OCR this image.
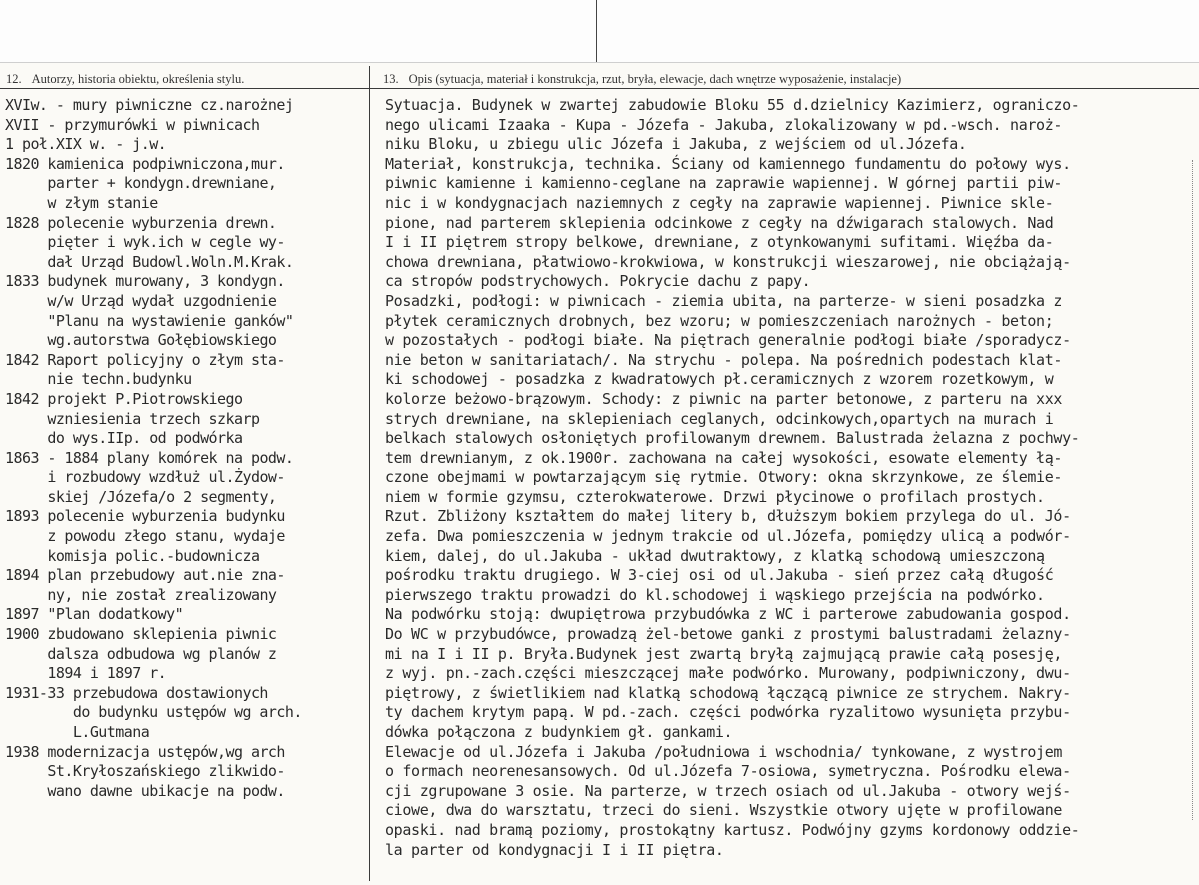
12. Autorzy, historia obiektu, określenia stylu.	13. Opis (sytuacja, materiał i konstrukcja, rzut, bryła, elewacje, dach wnętrze wyposażenie, instalacje)
XVIw.
- mury piwniczne cz.narożnej
XVII
- przymurówki w piwnicach
1 poł.XIX w.
- j.w.
1820
kamienica podpiwniczona,mur.
parter + kondygn.drewniane,
w złym stanie
1828
polecenie wyburzenia drewn.
pięter i wyk.ich w cegle wy-
dał Urząd Budowl.Woln.M.Krak.
1833
budynek murowany, 3 kondygn.
w/w Urząd wydał uzgodnienie
"Planu na wystawienie ganków"
wg.autorstwa Gołębiowskiego
1842
Raport policyjny o złym sta-
nie techn.budynku
1842
projekt P.Piotrowskiego
wzniesienia trzech szkarp
do wys.IIp. od podwórka
1863
- 1884 plany komórek na podw.
i rozbudowy wzdłuż ul.Żydow-
skiej /Józefa/o 2 segmenty,
1893
polecenie wyburzenia budynku
z powodu złego stanu, wydaje
komisja polic.-budownicza
1894
plan przebudowy aut.nie zna-
ny, nie został zrealizowany
1897
"Plan dodatkowy"
1900
zbudowano sklepienia piwnic
dalsza odbudowa wg planów z
1894 i 1897 r.
1931-33
przebudowa dostawionych
do budynku ustępów wg arch.
L.Gutmana
1938
modernizacja ustępów,wg arch
St.Kryłoszańskiego zlikwido-
wano dawne ubikacje na podw.
Sytuacja. Budynek w zwartej zabudowie Bloku 55 d.dzielnicy Kazimierz, ograniczo-
nego ulicami Izaaka - Kupa - Józefa - Jakuba, zlokalizowany w pd.-wsch. naroż-
niku Bloku, u zbiegu ulic Józefa i Jakuba, z wejściem od ul.Józefa.
Materiał, konstrukcja, technika. Ściany od kamiennego fundamentu do połowy wys.
piwnic kamienne i kamienno-ceglane na zaprawie wapiennej. W górnej partii piw-
nic i w kondygnacjach naziemnych z cegły na zaprawie wapiennej. Piwnice skle-
pione, nad parterem sklepienia odcinkowe z cegły na dźwigarach stalowych. Nad
I i II piętrem stropy belkowe, drewniane, z otynkowanymi sufitami. Więźba da-
chowa drewniana, płatwiowo-krokwiowa, w konstrukcji wieszarowej, nie obciążają-
ca stropów podstrychowych. Pokrycie dachu z papy.
Posadzki, podłogi: w piwnicach - ziemia ubita, na parterze- w sieni posadzka z
płytek ceramicznych drobnych, bez wzoru; w pomieszczeniach narożnych - beton;
w pozostałych - podłogi białe. Na piętrach generalnie podłogi białe /sporadycz-
nie beton w sanitariatach/. Na strychu - polepa. Na pośrednich podestach klat-
ki schodowej - posadzka z kwadratowych pł.ceramicznych z wzorem rozetkowym, w
kolorze beżowo-brązowym. Schody: z piwnic na parter betonowe, z parteru na xxx
strych drewniane, na sklepieniach ceglanych, odcinkowych,opartych na murach i
belkach stalowych osłoniętych profilowanym drewnem. Balustrada żelazna z pochwy-
tem drewnianym, z ok.1900r. zachowana na całej wysokości, esowate elementy łą-
czone obejmami w powtarzającym się rytmie. Otwory: okna skrzynkowe, ze ślemie-
niem w formie gzymsu, czterokwaterowe. Drzwi płycinowe o profilach prostych.
Rzut. Zbliżony kształtem do małej litery b, dłuższym bokiem przylega do ul. Jó-
zefa. Dwa pomieszczenia w jednym trakcie od ul.Józefa, pomiędzy ulicą a podwór-
kiem, dalej, do ul.Jakuba - układ dwutraktowy, z klatką schodową umieszczoną
pośrodku traktu drugiego. W 3-ciej osi od ul.Jakuba - sień przez całą długość
pierwszego traktu prowadzi do kl.schodowej i wąskiego przejścia na podwórko.
Na podwórku stoją: dwupiętrowa przybudówka z WC i parterowe zabudowania gospod.
Do WC w przybudówce, prowadzą żel-betowe ganki z prostymi balustradami żelazny-
mi na I i II p. Bryła.Budynek jest zwartą bryłą zajmującą prawie całą posesję,
z wyj. pn.-zach.części mieszczącej małe podwórko. Murowany, podpiwniczony, dwu-
piętrowy, z świetlikiem nad klatką schodową łączącą piwnice ze strychem. Nakry-
ty dachem krytym papą. W pd.-zach. części podwórka ryzalitowo wysunięta przybu-
dówka połączona z budynkiem gł. gankami.
Elewacje od ul.Józefa i Jakuba /południowa i wschodnia/ tynkowane, z wystrojem
o formach neorenesansowych. Od ul.Józefa 7-osiowa, symetryczna. Pośrodku elewa-
cji zgrupowane 3 osie. Na parterze, w trzech osiach od ul.Jakuba - otwory wejś-
ciowe, dwa do warsztatu, trzeci do sieni. Wszystkie otwory ujęte w profilowane
opaski. nad bramą poziomy, prostokątny kartusz. Podwójny gzyms kordonowy oddzie-
la parter od kondygnacji I i II piętra.
